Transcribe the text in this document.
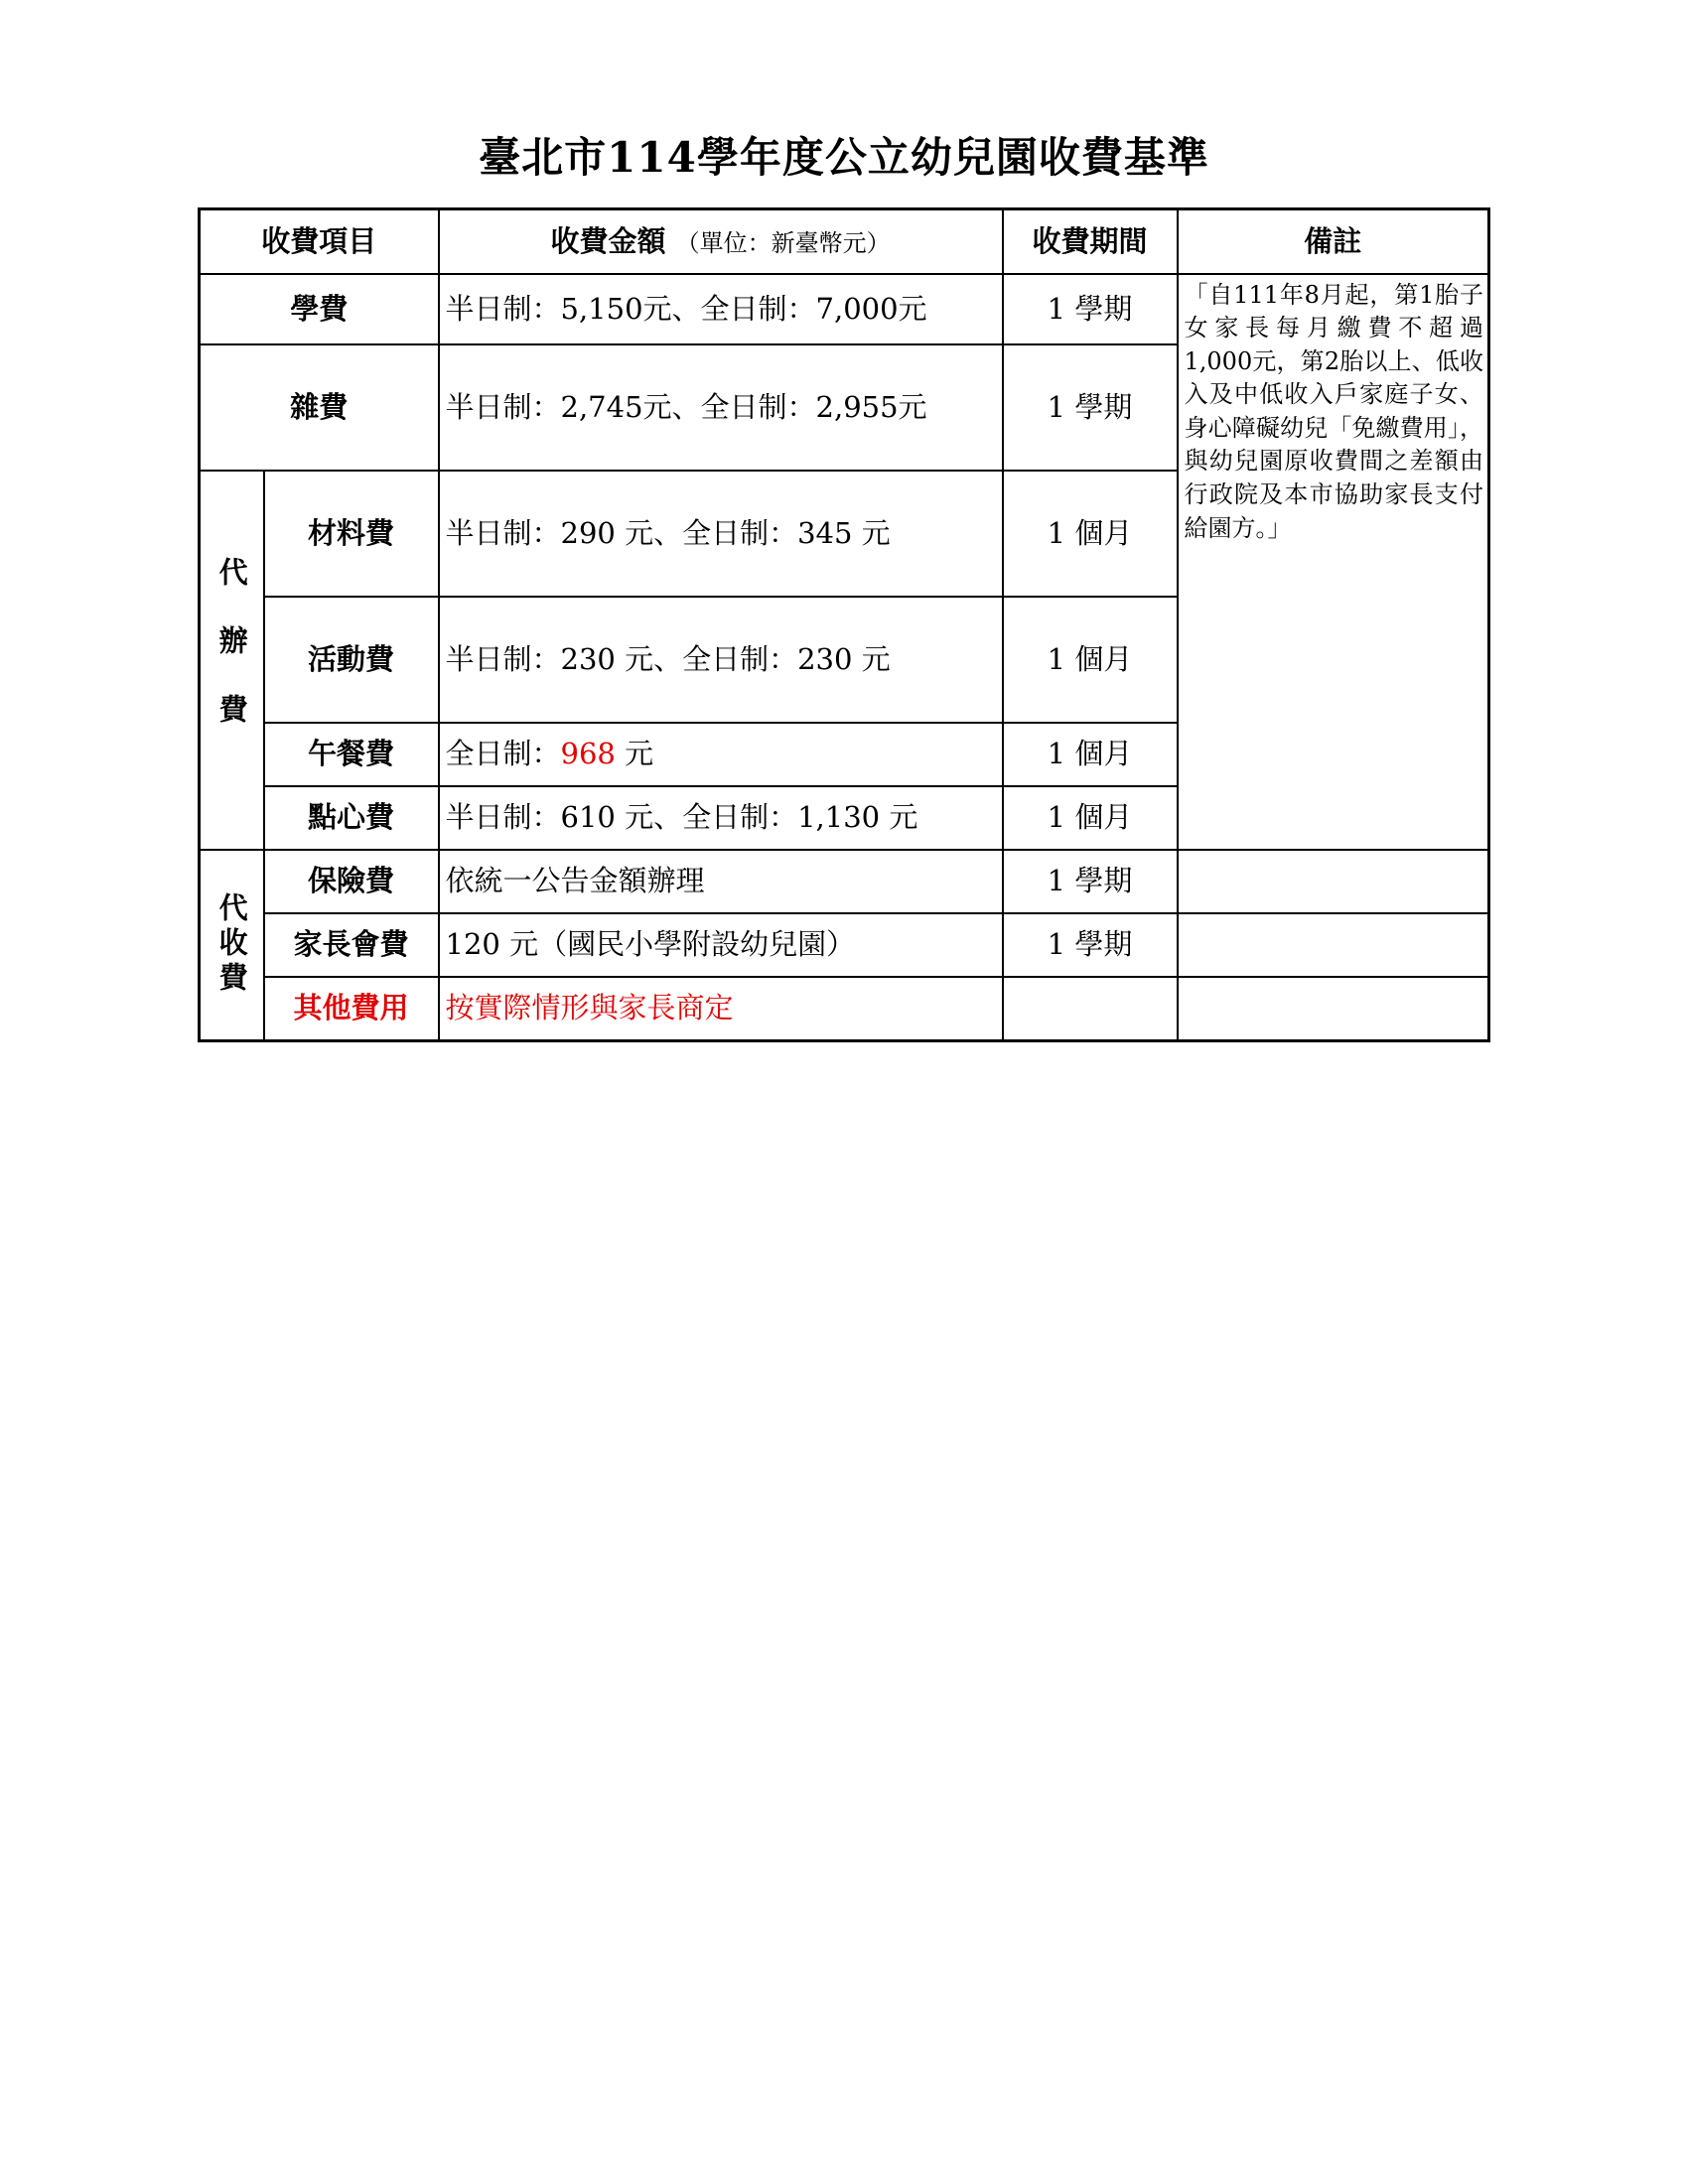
臺北市114學年度公立幼兒園收費基準
收費項目		收費金額 （單位：新臺幣元）	收費期間	備註
學費		半日制：5,150元、全日制：7,000元	1 學期	「自111年8月起，第1胎子女家長每月繳費不超過1,000元，第2胎以上、低收入及中低收入戶家庭子女、身心障礙幼兒「免繳費用」，與幼兒園原收費間之差額由行政院及本市協助家長支付給園方。」
雜費		半日制：2,745元、全日制：2,955元	1 學期	

代辦費	材料費	半日制：290 元、全日制：345 元	1 個月	
	活動費	半日制：230 元、全日制：230 元	1 個月	
	午餐費	全日制：968 元	1 個月	
	點心費	半日制：610 元、全日制：1,130 元	1 個月	

代收費	保險費	依統一公告金額辦理	1 學期	
	家長會費	120 元（國民小學附設幼兒園）	1 學期	
	其他費用	按實際情形與家長商定		
